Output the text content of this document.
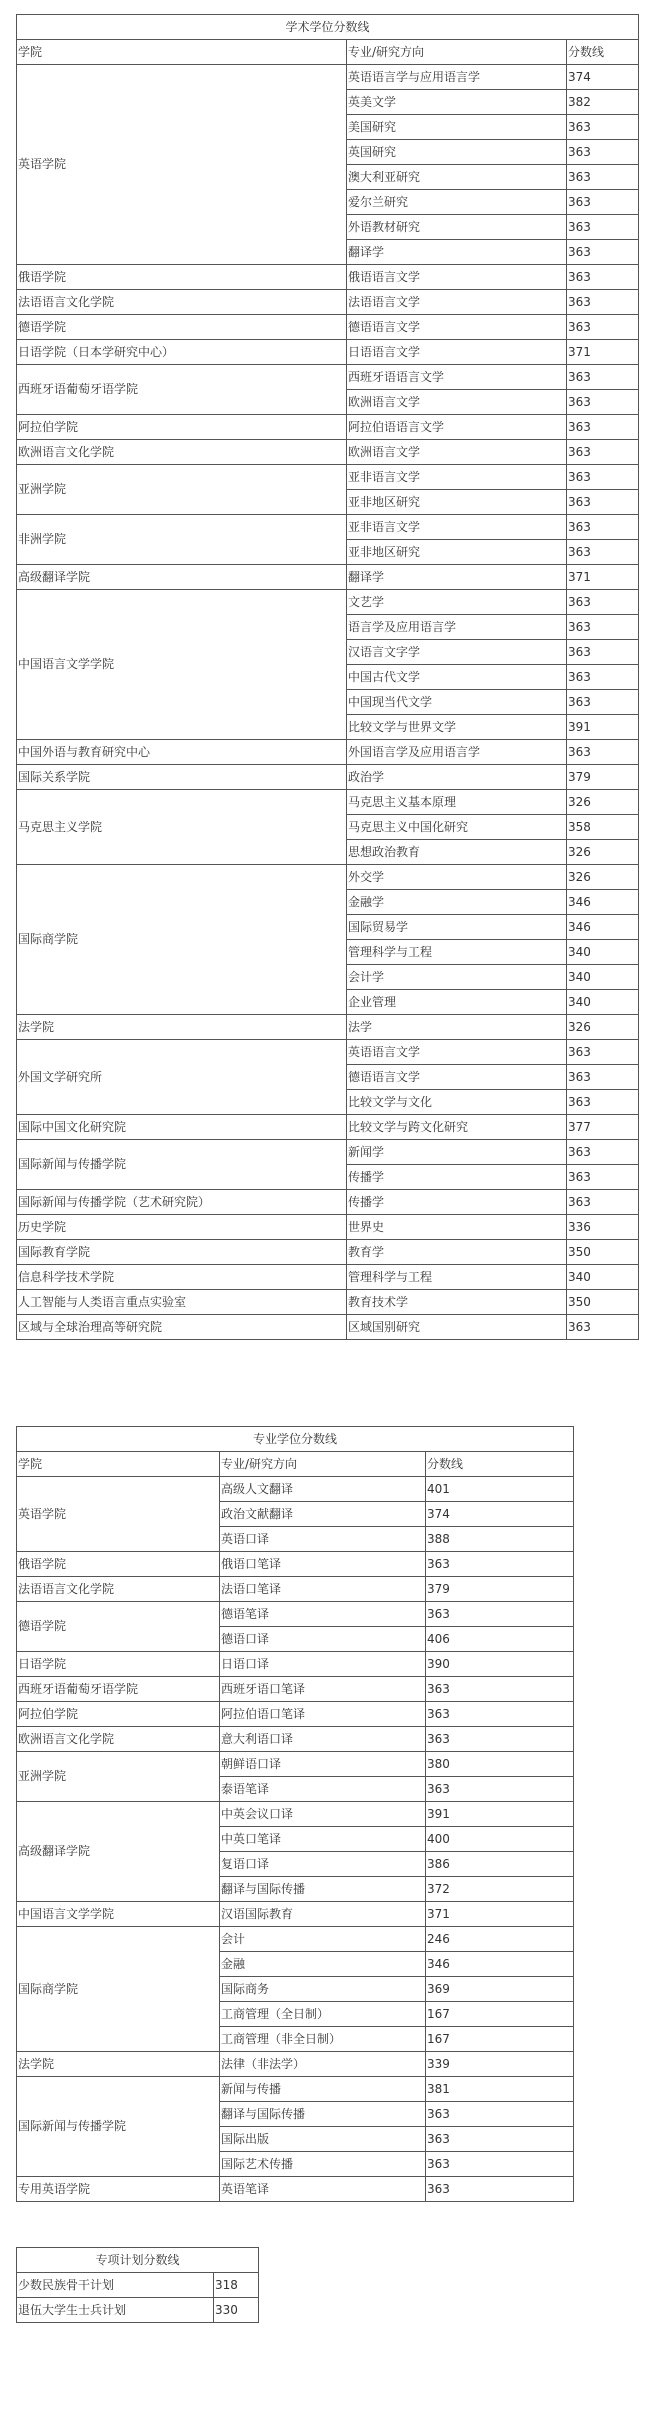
学术学位分数线		
学院	专业/研究方向	分数线
英语学院	英语语言学与应用语言学	374
	英美文学	382
	美国研究	363
	英国研究	363
	澳大利亚研究	363
	爱尔兰研究	363
	外语教材研究	363
	翻译学	363
俄语学院	俄语语言文学	363
法语语言文化学院	法语语言文学	363
德语学院	德语语言文学	363
日语学院（日本学研究中心）	日语语言文学	371
西班牙语葡萄牙语学院	西班牙语语言文学	363
	欧洲语言文学	363
阿拉伯学院	阿拉伯语语言文学	363
欧洲语言文化学院	欧洲语言文学	363
亚洲学院	亚非语言文学	363
	亚非地区研究	363
非洲学院	亚非语言文学	363
	亚非地区研究	363
高级翻译学院	翻译学	371
中国语言文学学院	文艺学	363
	语言学及应用语言学	363
	汉语言文字学	363
	中国古代文学	363
	中国现当代文学	363
	比较文学与世界文学	391
中国外语与教育研究中心	外国语言学及应用语言学	363
国际关系学院	政治学	379
马克思主义学院	马克思主义基本原理	326
	马克思主义中国化研究	358
	思想政治教育	326
国际商学院	外交学	326
	金融学	346
	国际贸易学	346
	管理科学与工程	340
	会计学	340
	企业管理	340
法学院	法学	326
外国文学研究所	英语语言文学	363
	德语语言文学	363
	比较文学与文化	363
国际中国文化研究院	比较文学与跨文化研究	377
国际新闻与传播学院	新闻学	363
	传播学	363
国际新闻与传播学院（艺术研究院）	传播学	363
历史学院	世界史	336
国际教育学院	教育学	350
信息科学技术学院	管理科学与工程	340
人工智能与人类语言重点实验室	教育技术学	350
区域与全球治理高等研究院	区域国别研究	363
专业学位分数线		
学院	专业/研究方向	分数线
英语学院	高级人文翻译	401
	政治文献翻译	374
	英语口译	388
俄语学院	俄语口笔译	363
法语语言文化学院	法语口笔译	379
德语学院	德语笔译	363
	德语口译	406
日语学院	日语口译	390
西班牙语葡萄牙语学院	西班牙语口笔译	363
阿拉伯学院	阿拉伯语口笔译	363
欧洲语言文化学院	意大利语口译	363
亚洲学院	朝鲜语口译	380
	泰语笔译	363
高级翻译学院	中英会议口译	391
	中英口笔译	400
	复语口译	386
	翻译与国际传播	372
中国语言文学学院	汉语国际教育	371
国际商学院	会计	246
	金融	346
	国际商务	369
	工商管理（全日制）	167
	工商管理（非全日制）	167
法学院	法律（非法学）	339
国际新闻与传播学院	新闻与传播	381
	翻译与国际传播	363
	国际出版	363
	国际艺术传播	363
专用英语学院	英语笔译	363
专项计划分数线	
少数民族骨干计划	318
退伍大学生士兵计划	330
